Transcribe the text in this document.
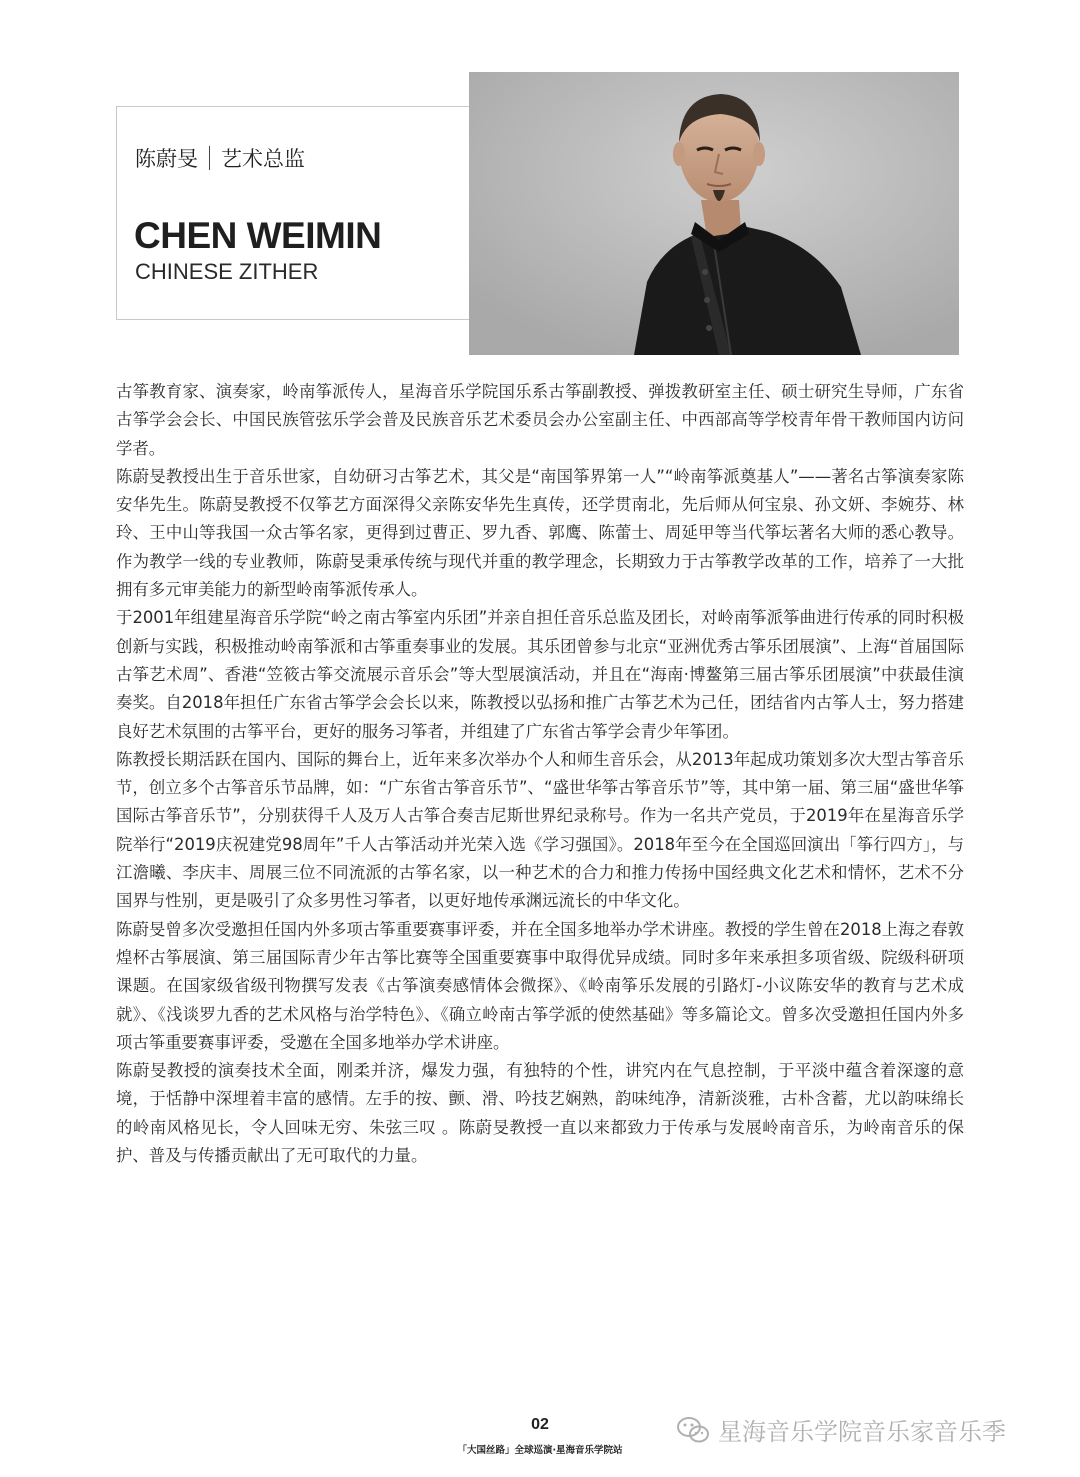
陈蔚旻 艺术总监
CHEN WEIMIN
CHINESE ZITHER

古筝教育家、演奏家，岭南筝派传人，星海音乐学院国乐系古筝副教授、弹拨教研室主任、硕士研究生导师，广东省古筝学会会长、中国民族管弦乐学会普及民族音乐艺术委员会办公室副主任、中西部高等学校青年骨干教师国内访问学者。

陈蔚旻教授出生于音乐世家，自幼研习古筝艺术，其父是“南国筝界第一人”“岭南筝派奠基人”——著名古筝演奏家陈安华先生。陈蔚旻教授不仅筝艺方面深得父亲陈安华先生真传，还学贯南北，先后师从何宝泉、孙文妍、李婉芬、林玲、王中山等我国一众古筝名家，更得到过曹正、罗九香、郭鹰、陈蕾士、周延甲等当代筝坛著名大师的悉心教导。作为教学一线的专业教师，陈蔚旻秉承传统与现代并重的教学理念，长期致力于古筝教学改革的工作，培养了一大批拥有多元审美能力的新型岭南筝派传承人。

于2001年组建星海音乐学院“岭之南古筝室内乐团”并亲自担任音乐总监及团长，对岭南筝派筝曲进行传承的同时积极创新与实践，积极推动岭南筝派和古筝重奏事业的发展。其乐团曾参与北京“亚洲优秀古筝乐团展演”、上海“首届国际古筝艺术周”、香港“笠筱古筝交流展示音乐会”等大型展演活动，并且在“海南·博鳌第三届古筝乐团展演”中获最佳演奏奖。自2018年担任广东省古筝学会会长以来，陈教授以弘扬和推广古筝艺术为己任，团结省内古筝人士，努力搭建良好艺术氛围的古筝平台，更好的服务习筝者，并组建了广东省古筝学会青少年筝团。

陈教授长期活跃在国内、国际的舞台上，近年来多次举办个人和师生音乐会，从2013年起成功策划多次大型古筝音乐节，创立多个古筝音乐节品牌，如：“广东省古筝音乐节”、“盛世华筝古筝音乐节”等，其中第一届、第三届“盛世华筝国际古筝音乐节”，分别获得千人及万人古筝合奏吉尼斯世界纪录称号。作为一名共产党员，于2019年在星海音乐学院举行“2019庆祝建党98周年”千人古筝活动并光荣入选《学习强国》。2018年至今在全国巡回演出「筝行四方」，与江澹曦、李庆丰、周展三位不同流派的古筝名家，以一种艺术的合力和推力传扬中国经典文化艺术和情怀，艺术不分国界与性别，更是吸引了众多男性习筝者，以更好地传承渊远流长的中华文化。

陈蔚旻曾多次受邀担任国内外多项古筝重要赛事评委，并在全国多地举办学术讲座。教授的学生曾在2018上海之春敦煌杯古筝展演、第三届国际青少年古筝比赛等全国重要赛事中取得优异成绩。同时多年来承担多项省级、院级科研项课题。在国家级省级刊物撰写发表《古筝演奏感情体会微探》、《岭南筝乐发展的引路灯-小议陈安华的教育与艺术成就》、《浅谈罗九香的艺术风格与治学特色》、《确立岭南古筝学派的使然基础》等多篇论文。曾多次受邀担任国内外多项古筝重要赛事评委，受邀在全国多地举办学术讲座。

陈蔚旻教授的演奏技术全面，刚柔并济，爆发力强，有独特的个性，讲究内在气息控制，于平淡中蕴含着深邃的意境，于恬静中深埋着丰富的感情。左手的按、颤、滑、吟技艺娴熟，韵味纯净，清新淡雅，古朴含蓄，尤以韵味绵长的岭南风格见长，令人回味无穷、朱弦三叹 。陈蔚旻教授一直以来都致力于传承与发展岭南音乐，为岭南音乐的保护、普及与传播贡献出了无可取代的力量。

02
「大国丝路」全球巡演·星海音乐学院站
星海音乐学院音乐家音乐季
